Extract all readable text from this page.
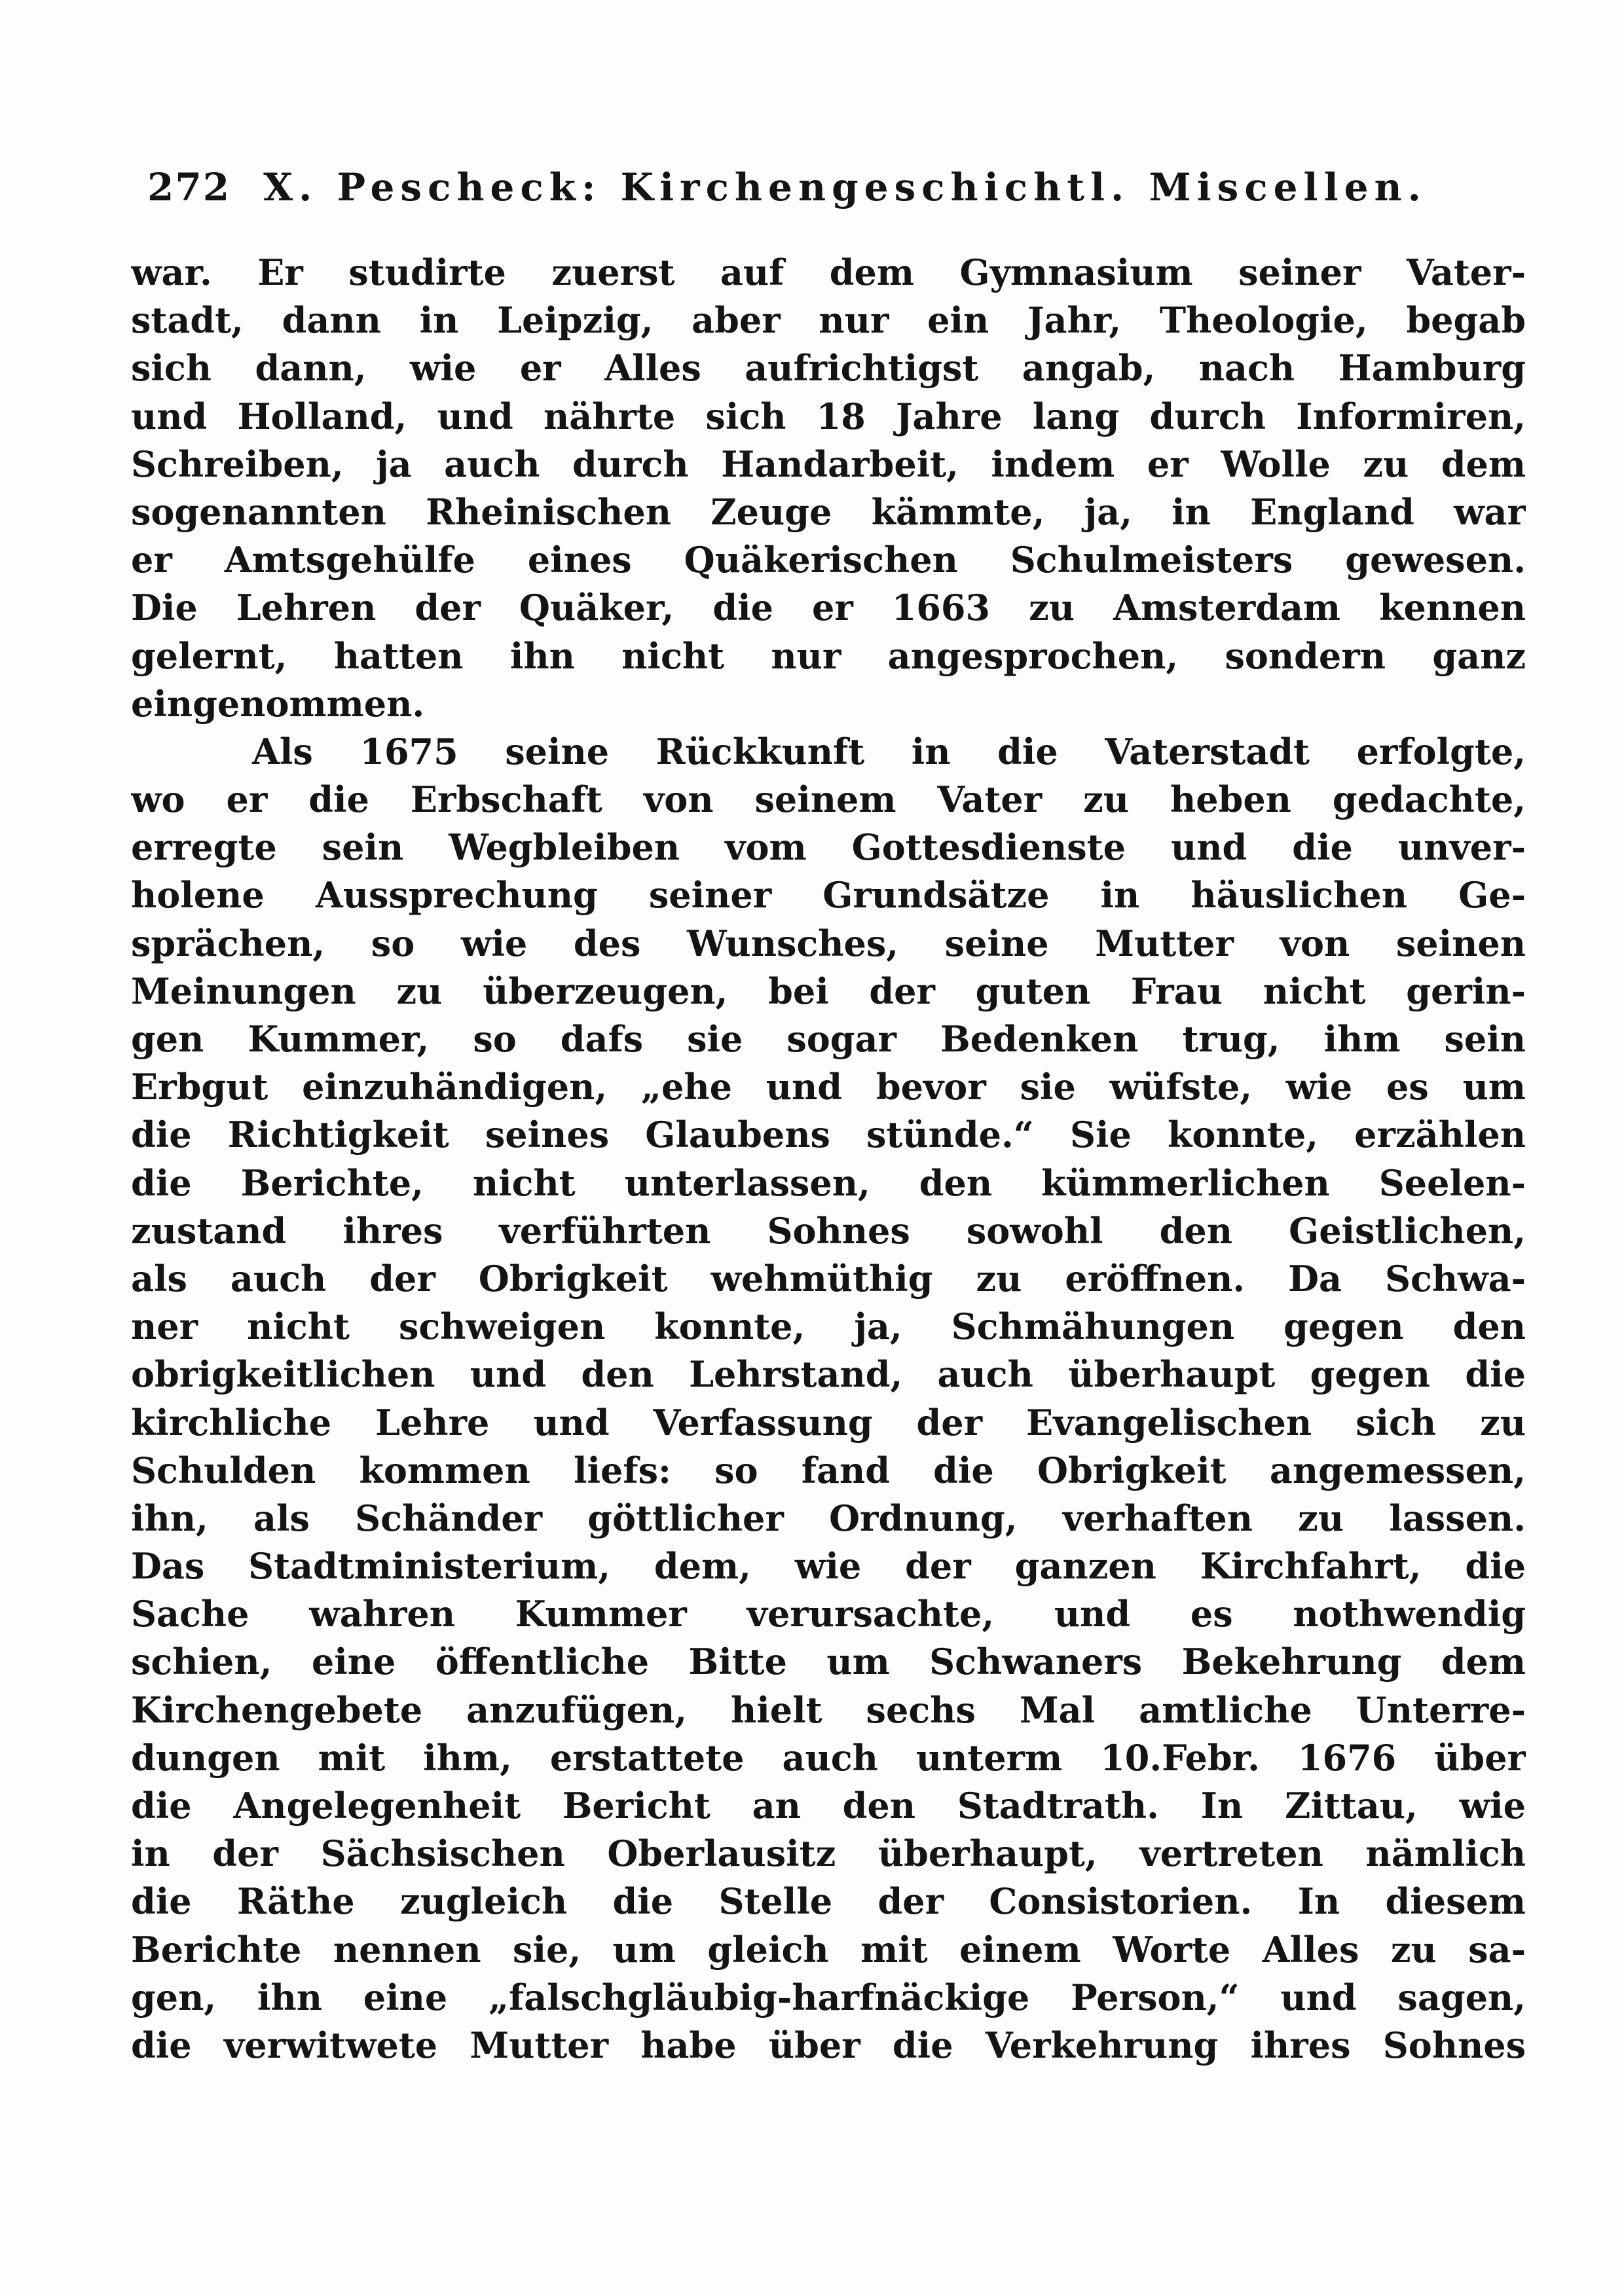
272 X. Pescheck: Kirchengeschichtl. Miscellen.
war. Er studirte zuerst auf dem Gymnasium seiner Vater-
stadt, dann in Leipzig, aber nur ein Jahr, Theologie, begab
sich dann, wie er Alles aufrichtigst angab, nach Hamburg
und Holland, und nährte sich 18 Jahre lang durch Informiren,
Schreiben, ja auch durch Handarbeit, indem er Wolle zu dem
sogenannten Rheinischen Zeuge kämmte, ja, in England war
er Amtsgehülfe eines Quäkerischen Schulmeisters gewesen.
Die Lehren der Quäker, die er 1663 zu Amsterdam kennen
gelernt, hatten ihn nicht nur angesprochen, sondern ganz
eingenommen.
Als 1675 seine Rückkunft in die Vaterstadt erfolgte,
wo er die Erbschaft von seinem Vater zu heben gedachte,
erregte sein Wegbleiben vom Gottesdienste und die unver-
holene Aussprechung seiner Grundsätze in häuslichen Ge-
sprächen, so wie des Wunsches, seine Mutter von seinen
Meinungen zu überzeugen, bei der guten Frau nicht gerin-
gen Kummer, so dafs sie sogar Bedenken trug, ihm sein
Erbgut einzuhändigen, „ehe und bevor sie wüfste, wie es um
die Richtigkeit seines Glaubens stünde.“ Sie konnte, erzählen
die Berichte, nicht unterlassen, den kümmerlichen Seelen-
zustand ihres verführten Sohnes sowohl den Geistlichen,
als auch der Obrigkeit wehmüthig zu eröffnen. Da Schwa-
ner nicht schweigen konnte, ja, Schmähungen gegen den
obrigkeitlichen und den Lehrstand, auch überhaupt gegen die
kirchliche Lehre und Verfassung der Evangelischen sich zu
Schulden kommen liefs: so fand die Obrigkeit angemessen,
ihn, als Schänder göttlicher Ordnung, verhaften zu lassen.
Das Stadtministerium, dem, wie der ganzen Kirchfahrt, die
Sache wahren Kummer verursachte, und es nothwendig
schien, eine öffentliche Bitte um Schwaners Bekehrung dem
Kirchengebete anzufügen, hielt sechs Mal amtliche Unterre-
dungen mit ihm, erstattete auch unterm 10.Febr. 1676 über
die Angelegenheit Bericht an den Stadtrath. In Zittau, wie
in der Sächsischen Oberlausitz überhaupt, vertreten nämlich
die Räthe zugleich die Stelle der Consistorien. In diesem
Berichte nennen sie, um gleich mit einem Worte Alles zu sa-
gen, ihn eine „falschgläubig-harfnäckige Person,“ und sagen,
die verwitwete Mutter habe über die Verkehrung ihres Sohnes
